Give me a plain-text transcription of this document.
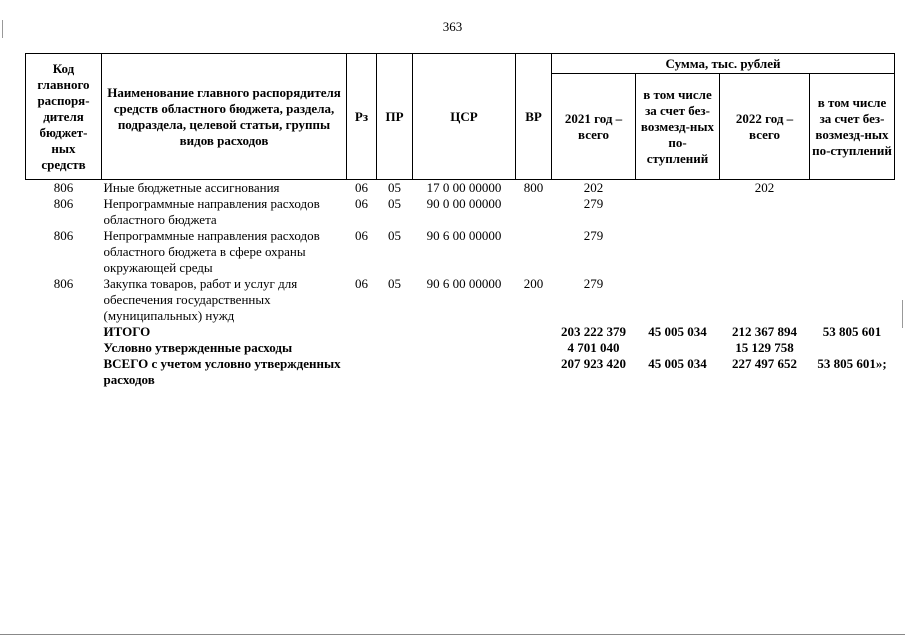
363
Код главного распоря-дителя бюджет-ных средств	Наименование главного распорядителя средств областного бюджета, раздела, подраздела, целевой статьи, группы видов расходов	Рз	ПР	ЦСР	ВР	Сумма, тыс. рублей			
						2021 год – всего	в том числе за счет без-возмезд-ных по-ступлений	2022 год – всего	в том числе за счет без-возмезд-ных по-ступлений
806	Иные бюджетные ассигнования	06	05	17 0 00 00000	800	202		202	
806	Непрограммные направления расходов областного бюджета	06	05	90 0 00 00000		279			
806	Непрограммные направления расходов областного бюджета в сфере охраны окружающей среды	06	05	90 6 00 00000		279			
806	Закупка товаров, работ и услуг для обеспечения государственных (муниципальных) нужд	06	05	90 6 00 00000	200	279			
	ИТОГО					203 222 379	45 005 034	212 367 894	53 805 601
	Условно утвержденные расходы					4 701 040		15 129 758	
	ВСЕГО с учетом условно утвержденных расходов					207 923 420	45 005 034	227 497 652	53 805 601»;
